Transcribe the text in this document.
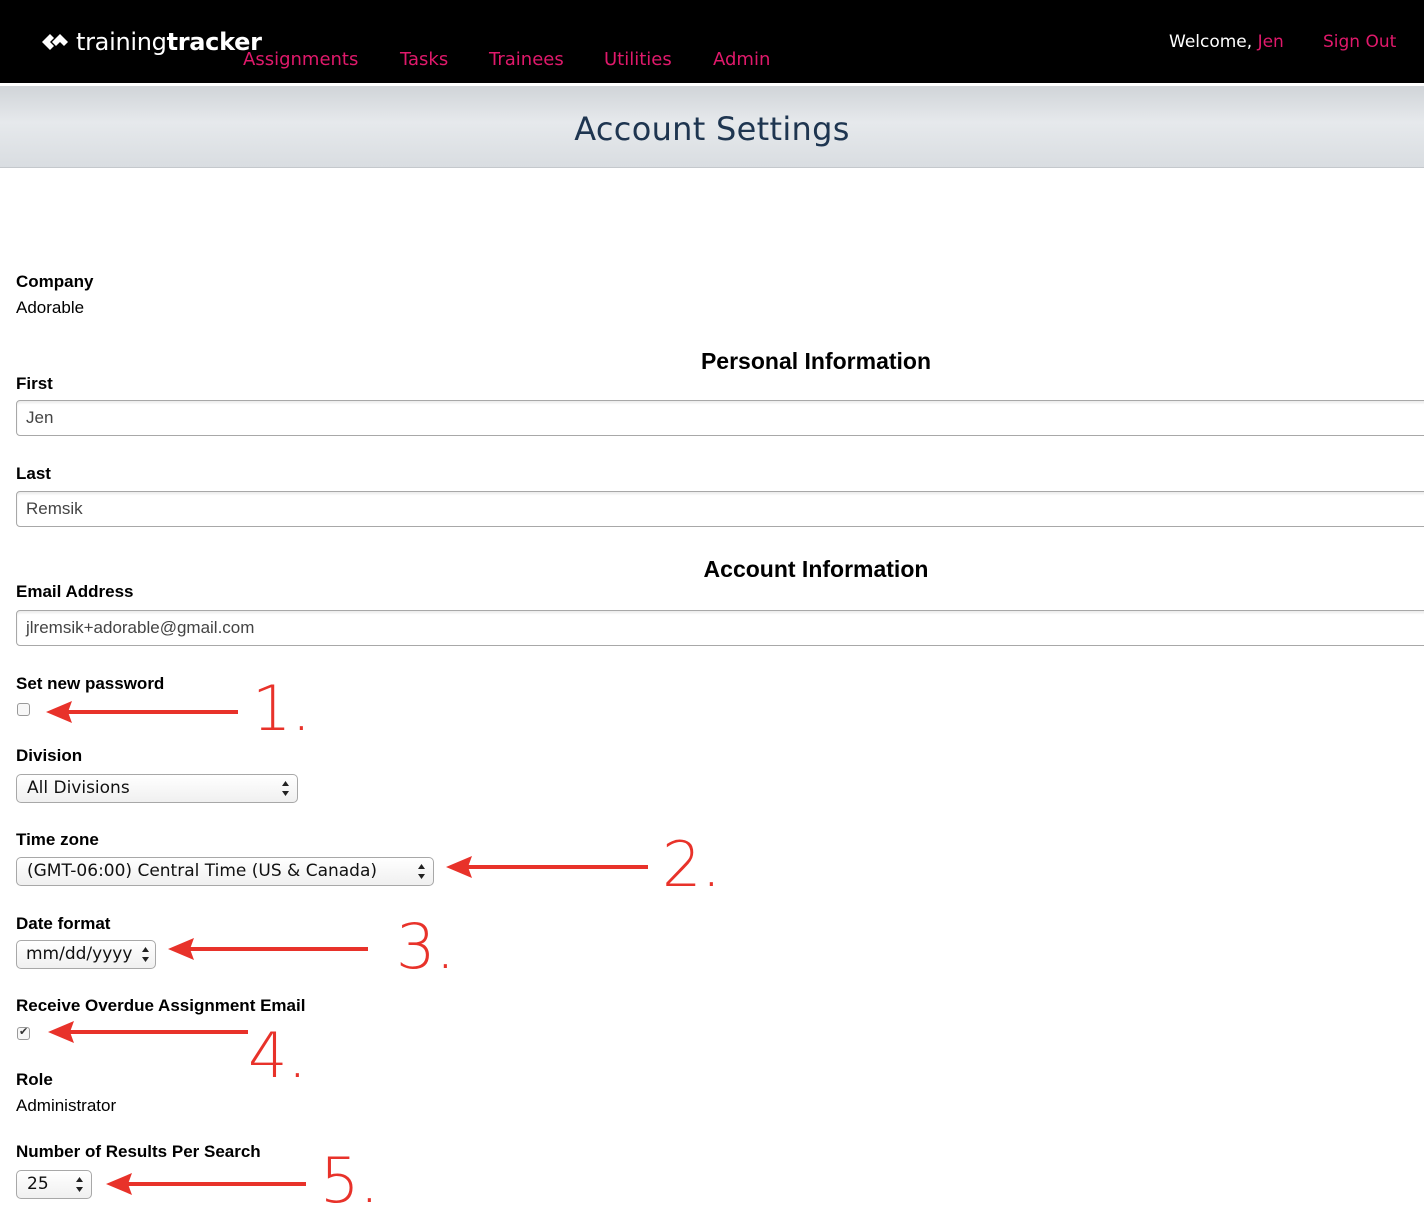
trainingtracker
Assignments Tasks Trainees Utilities Admin
Welcome, Jen Sign Out
Account Settings
Company
Adorable
Personal Information
First
Jen
Last
Remsik
Account Information
Email Address
jlremsik+adorable@gmail.com
Set new password
Division
All Divisions
Time zone
(GMT-06:00) Central Time (US & Canada)
Date format
mm/dd/yyyy
Receive Overdue Assignment Email
✔
Role
Administrator
Number of Results Per Search
25
1.
2.
3.
4.
5.
